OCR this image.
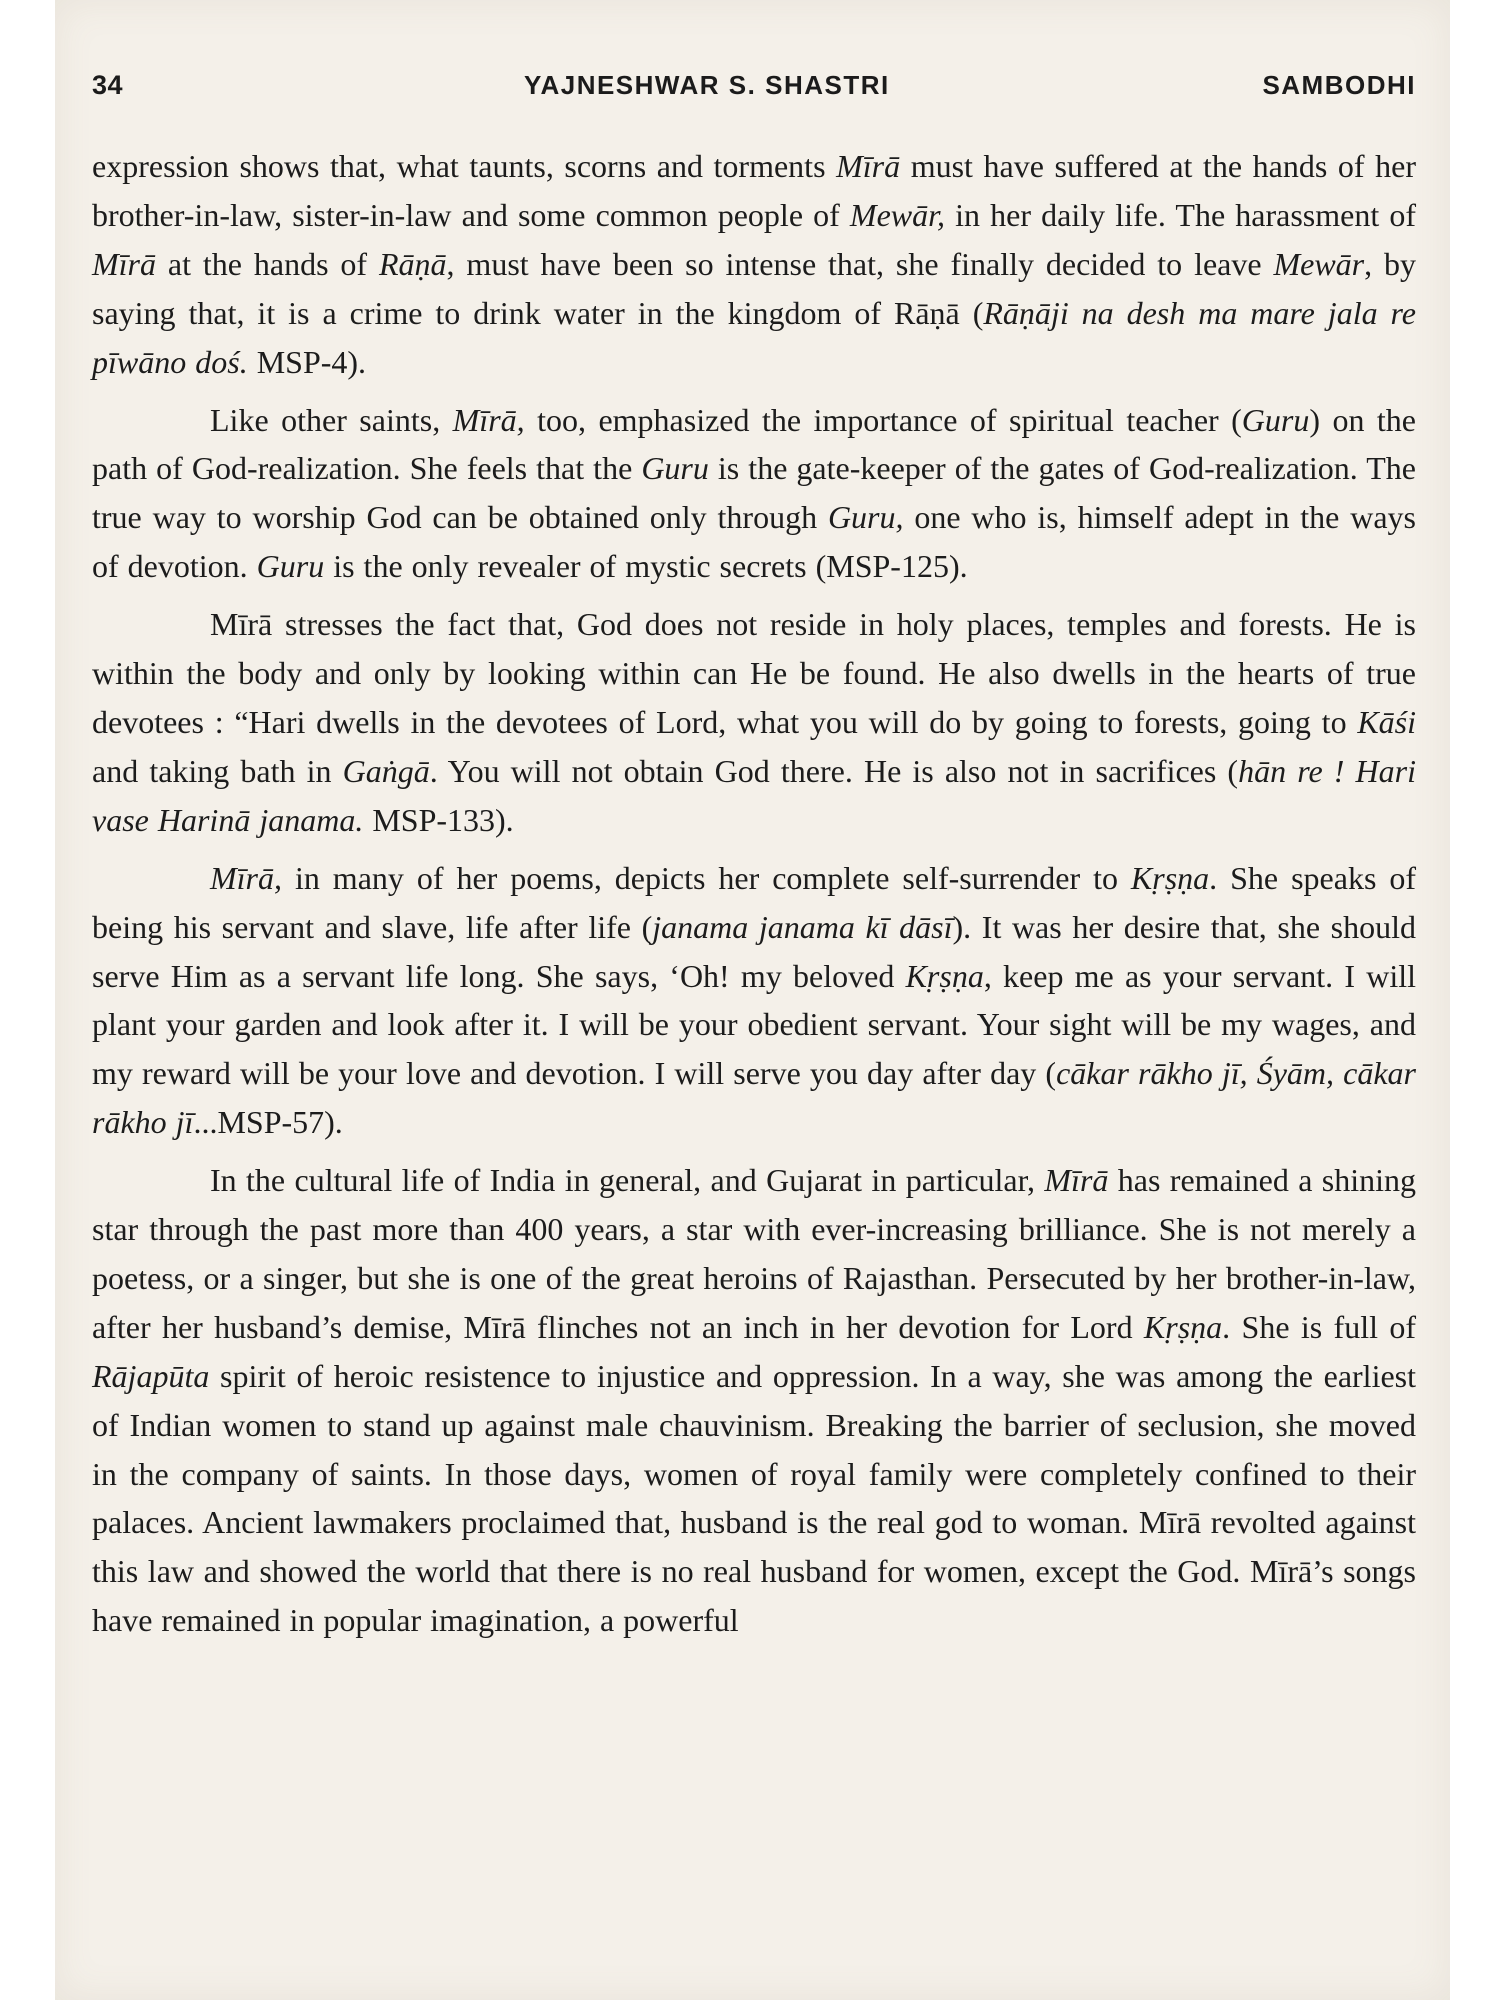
34	YAJNESHWAR S. SHASTRI	SAMBODHI

expression shows that, what taunts, scorns and torments Mīrā must have suffered at the hands of her brother-in-law, sister-in-law and some common people of Mewār, in her daily life. The harassment of Mīrā at the hands of Rāṇā, must have been so intense that, she finally decided to leave Mewār, by saying that, it is a crime to drink water in the kingdom of Rāṇā (Rāṇāji na desh ma mare jala re pīwāno doś. MSP-4).

Like other saints, Mīrā, too, emphasized the importance of spiritual teacher (Guru) on the path of God-realization. She feels that the Guru is the gate-keeper of the gates of God-realization. The true way to worship God can be obtained only through Guru, one who is, himself adept in the ways of devotion. Guru is the only revealer of mystic secrets (MSP-125).

Mīrā stresses the fact that, God does not reside in holy places, temples and forests. He is within the body and only by looking within can He be found. He also dwells in the hearts of true devotees : “Hari dwells in the devotees of Lord, what you will do by going to forests, going to Kāśi and taking bath in Gaṅgā. You will not obtain God there. He is also not in sacrifices (hān re ! Hari vase Harinā janama. MSP-133).

Mīrā, in many of her poems, depicts her complete self-surrender to Kṛṣṇa. She speaks of being his servant and slave, life after life (janama janama kī dāsī). It was her desire that, she should serve Him as a servant life long. She says, ‘Oh! my beloved Kṛṣṇa, keep me as your servant. I will plant your garden and look after it. I will be your obedient servant. Your sight will be my wages, and my reward will be your love and devotion. I will serve you day after day (cākar rākho jī, Śyām, cākar rākho jī...MSP-57).

In the cultural life of India in general, and Gujarat in particular, Mīrā has remained a shining star through the past more than 400 years, a star with ever-increasing brilliance. She is not merely a poetess, or a singer, but she is one of the great heroins of Rajasthan. Persecuted by her brother-in-law, after her husband’s demise, Mīrā flinches not an inch in her devotion for Lord Kṛṣṇa. She is full of Rājapūta spirit of heroic resistence to injustice and oppression. In a way, she was among the earliest of Indian women to stand up against male chauvinism. Breaking the barrier of seclusion, she moved in the company of saints. In those days, women of royal family were completely confined to their palaces. Ancient lawmakers proclaimed that, husband is the real god to woman. Mīrā revolted against this law and showed the world that there is no real husband for women, except the God. Mīrā’s songs have remained in popular imagination, a powerful
